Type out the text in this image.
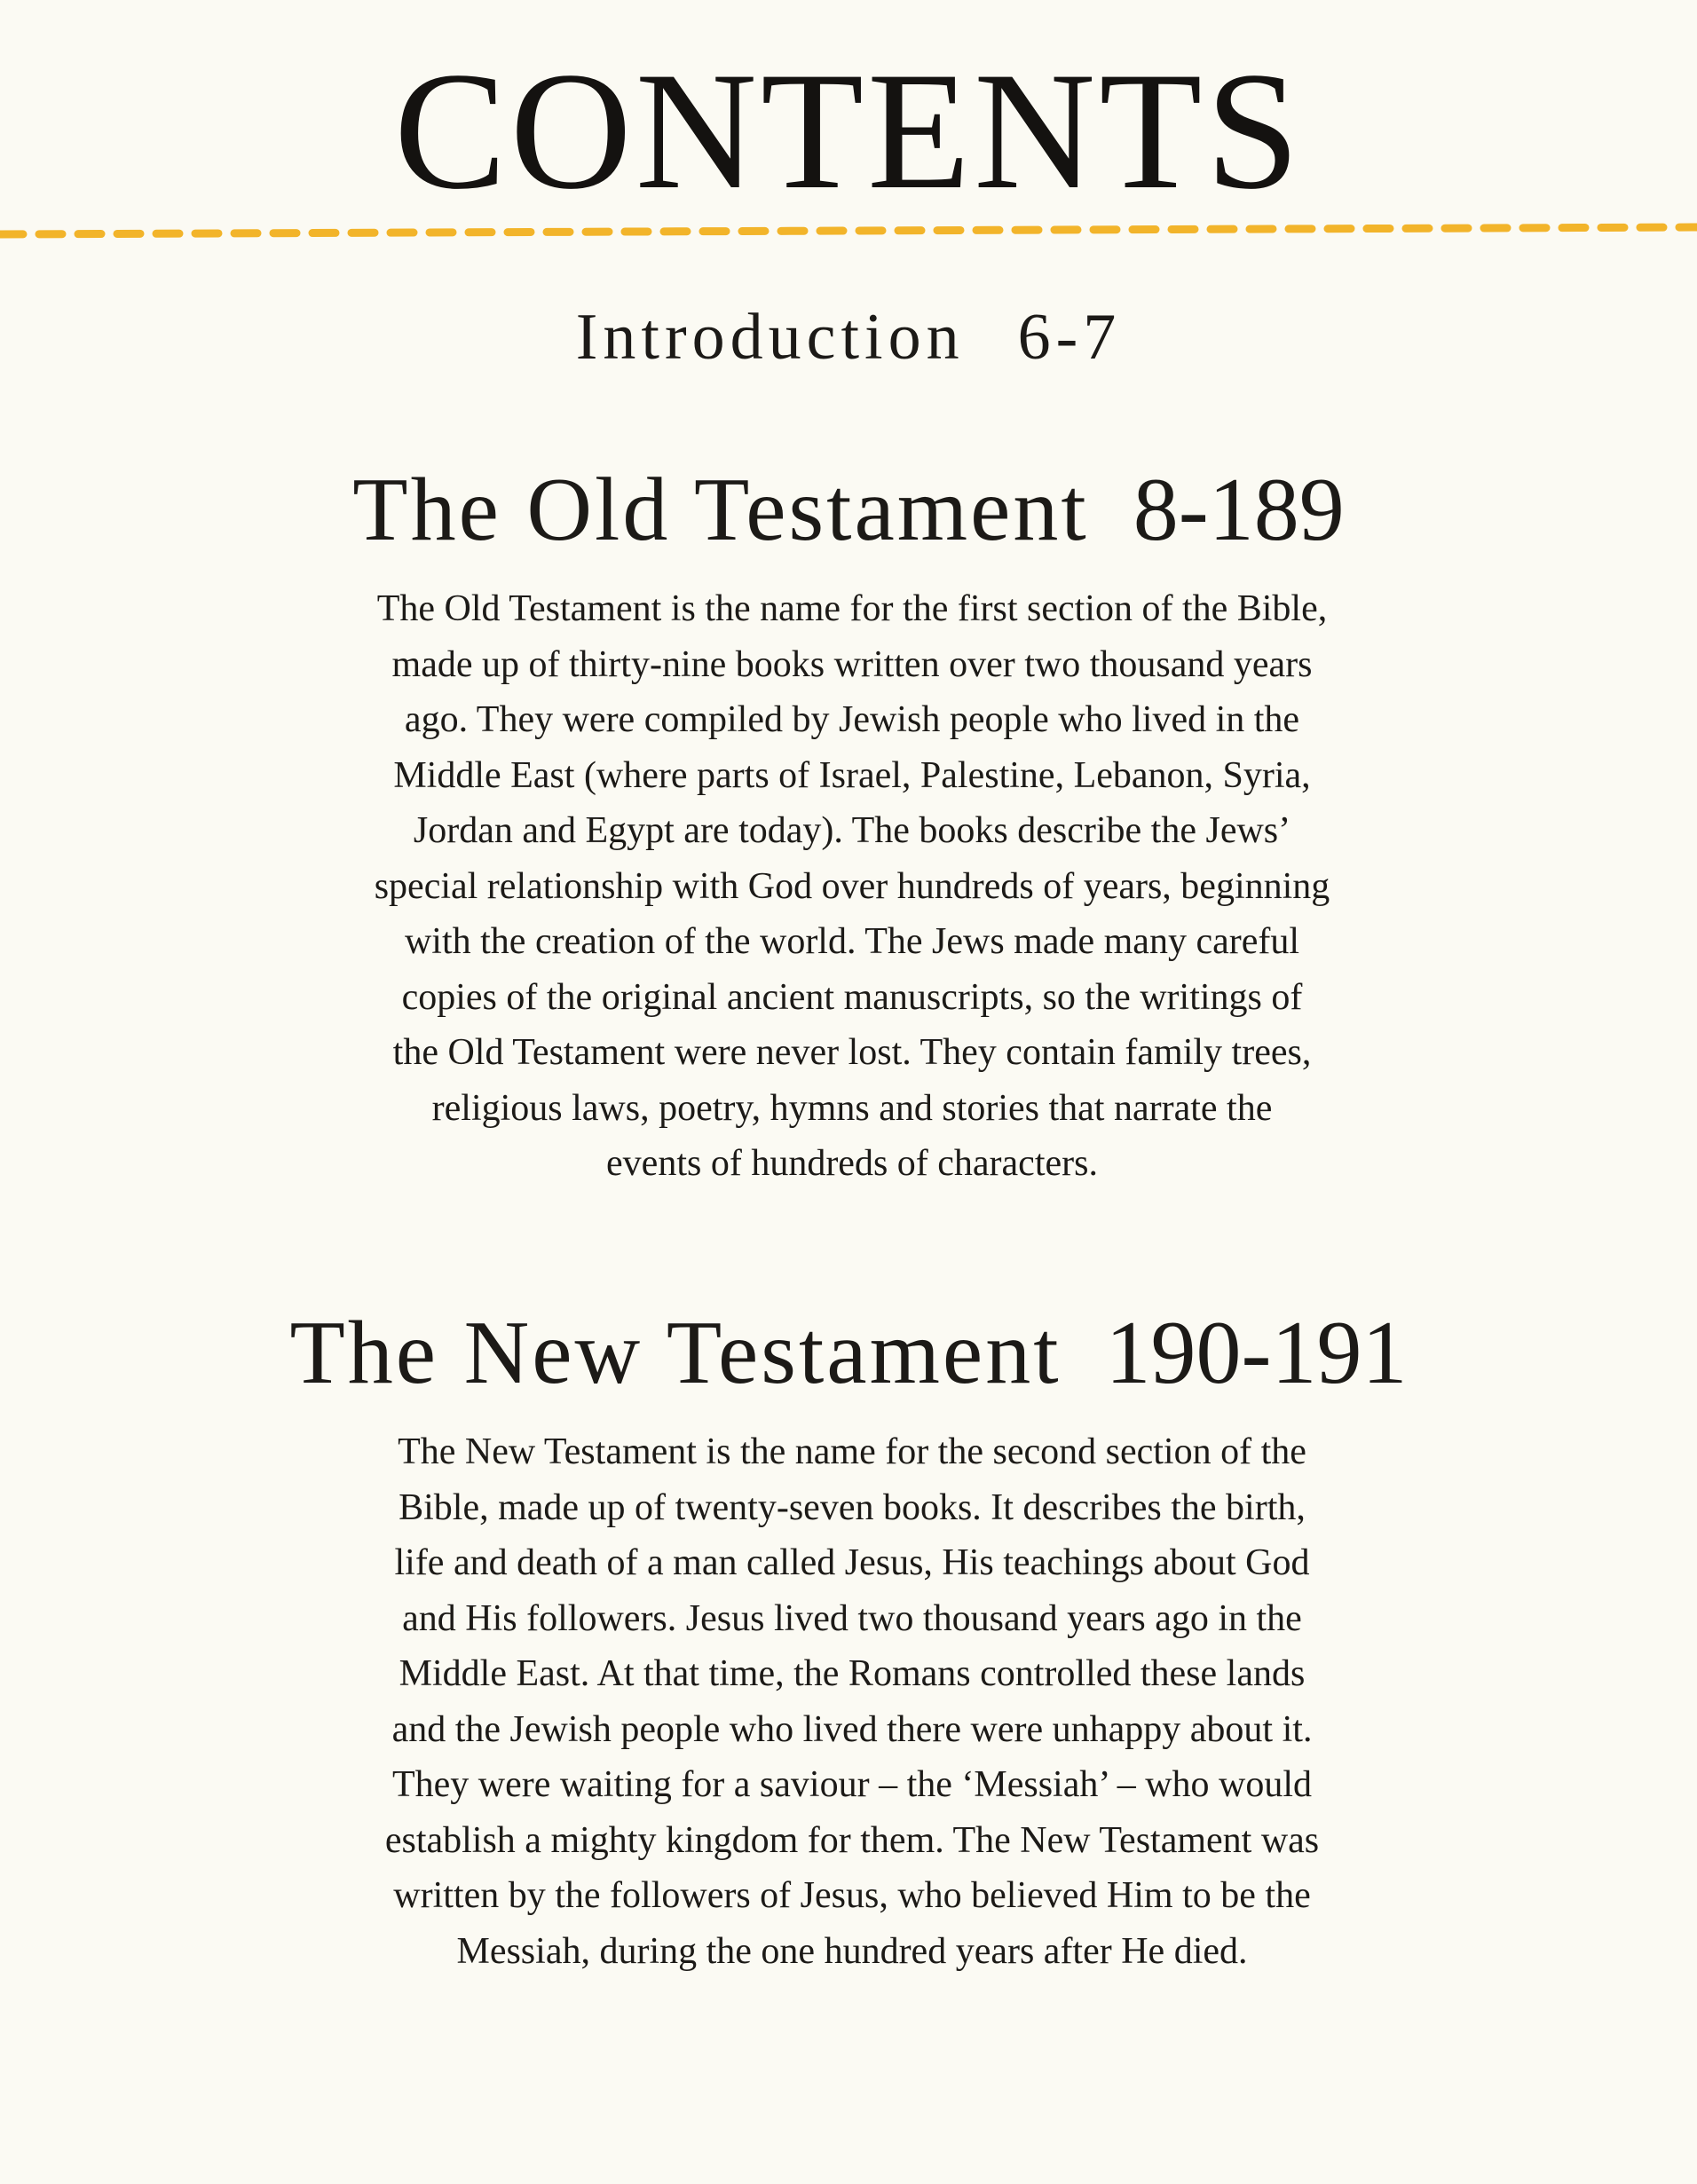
CONTENTS

Introduction 6-7

The Old Testament 8-189

The Old Testament is the name for the first section of the Bible,
made up of thirty-nine books written over two thousand years
ago. They were compiled by Jewish people who lived in the
Middle East (where parts of Israel, Palestine, Lebanon, Syria,
Jordan and Egypt are today). The books describe the Jews’
special relationship with God over hundreds of years, beginning
with the creation of the world. The Jews made many careful
copies of the original ancient manuscripts, so the writings of
the Old Testament were never lost. They contain family trees,
religious laws, poetry, hymns and stories that narrate the
events of hundreds of characters.

The New Testament 190-191

The New Testament is the name for the second section of the
Bible, made up of twenty-seven books. It describes the birth,
life and death of a man called Jesus, His teachings about God
and His followers. Jesus lived two thousand years ago in the
Middle East. At that time, the Romans controlled these lands
and the Jewish people who lived there were unhappy about it.
They were waiting for a saviour – the ‘Messiah’ – who would
establish a mighty kingdom for them. The New Testament was
written by the followers of Jesus, who believed Him to be the
Messiah, during the one hundred years after He died.
